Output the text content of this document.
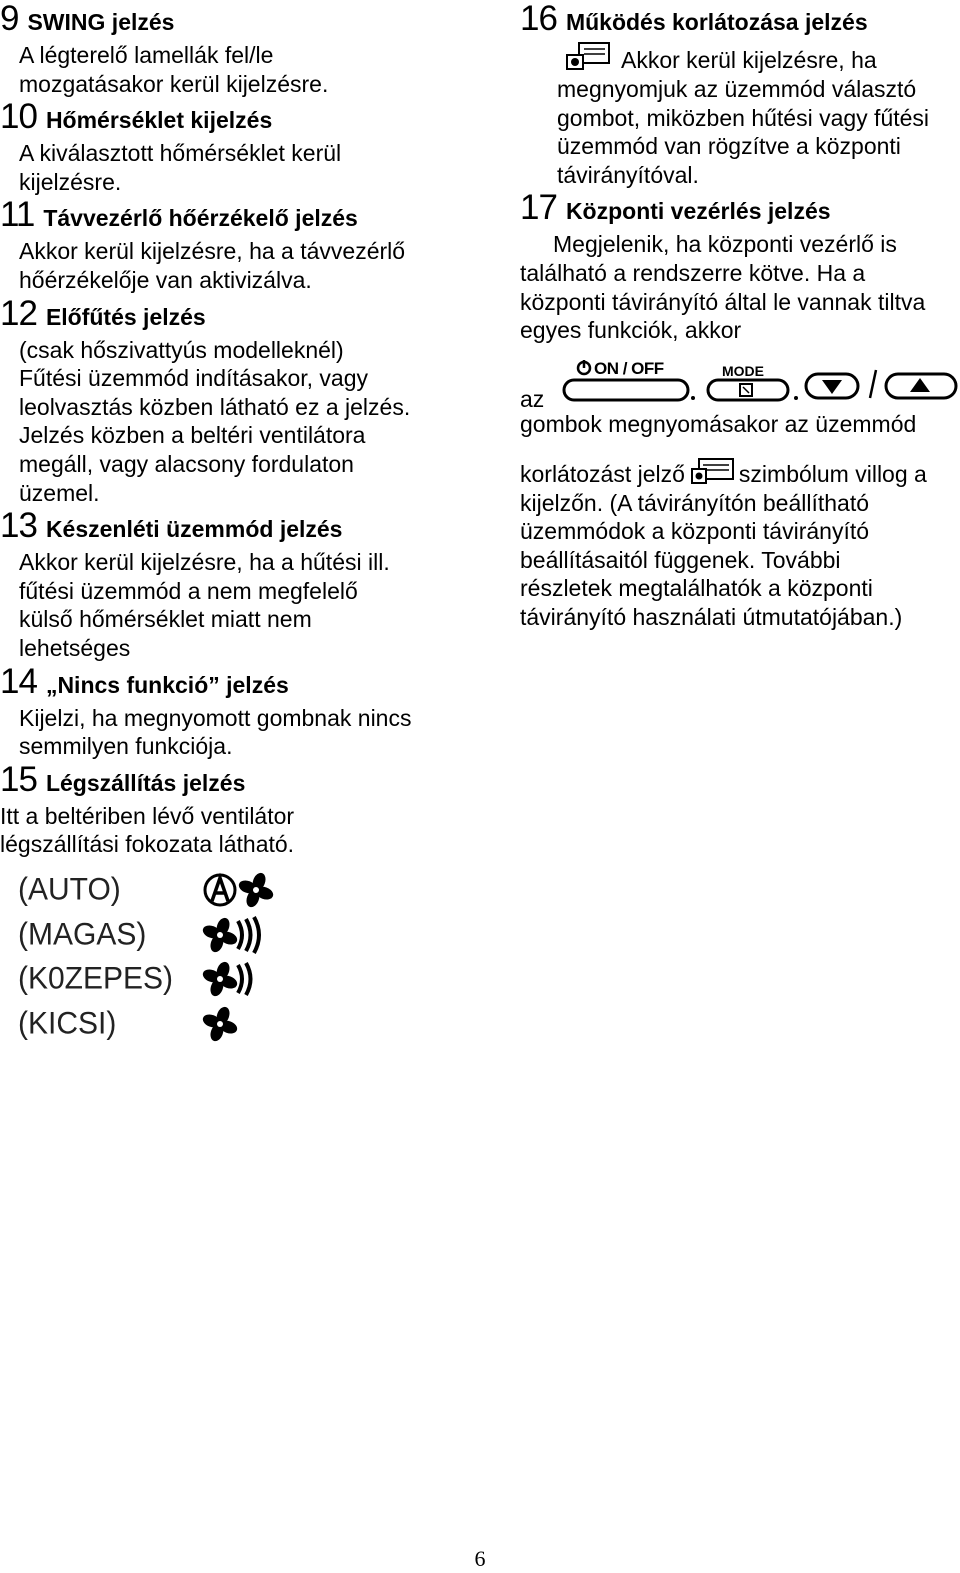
9 SWING jelzés
A légterelő lamellák fel/le
mozgatásakor kerül kijelzésre.
10 Hőmérséklet kijelzés
A kiválasztott hőmérséklet kerül
kijelzésre.
11 Távvezérlő hőérzékelő jelzés
Akkor kerül kijelzésre, ha a távvezérlő
hőérzékelője van aktivizálva.
12 Előfűtés jelzés
(csak hőszivattyús modelleknél)
Fűtési üzemmód indításakor, vagy
leolvasztás közben látható ez a jelzés.
Jelzés közben a beltéri ventilátora
megáll, vagy alacsony fordulaton
üzemel.
13 Készenléti üzemmód jelzés
Akkor kerül kijelzésre, ha a hűtési ill.
fűtési üzemmód a nem megfelelő
külső hőmérséklet miatt nem
lehetséges
14 „Nincs funkció” jelzés
Kijelzi, ha megnyomott gombnak nincs
semmilyen funkciója.
15 Légszállítás jelzés
Itt a beltériben lévő ventilátor
légszállítási fokozata látható.
(AUTO)
(MAGAS)
(K0ZEPES)
(KICSI)
16 Működés korlátozása jelzés
Akkor kerül kijelzésre, ha
megnyomjuk az üzemmód választó
gombot, miközben hűtési vagy fűtési
üzemmód van rögzítve a központi
távirányítóval.
17 Központi vezérlés jelzés
Megjelenik, ha központi vezérlő is
található a rendszerre kötve. Ha a
központi távirányító által le vannak tiltva
egyes funkciók, akkor
az
ON / OFF	MODE
gombok megnyomásakor az üzemmód
korlátozást jelző szimbólum villog a
kijelzőn. (A távirányítón beállítható
üzemmódok a központi távirányító
beállításaitól függenek. További
részletek megtalálhatók a központi
távirányító használati útmutatójában.)
6
